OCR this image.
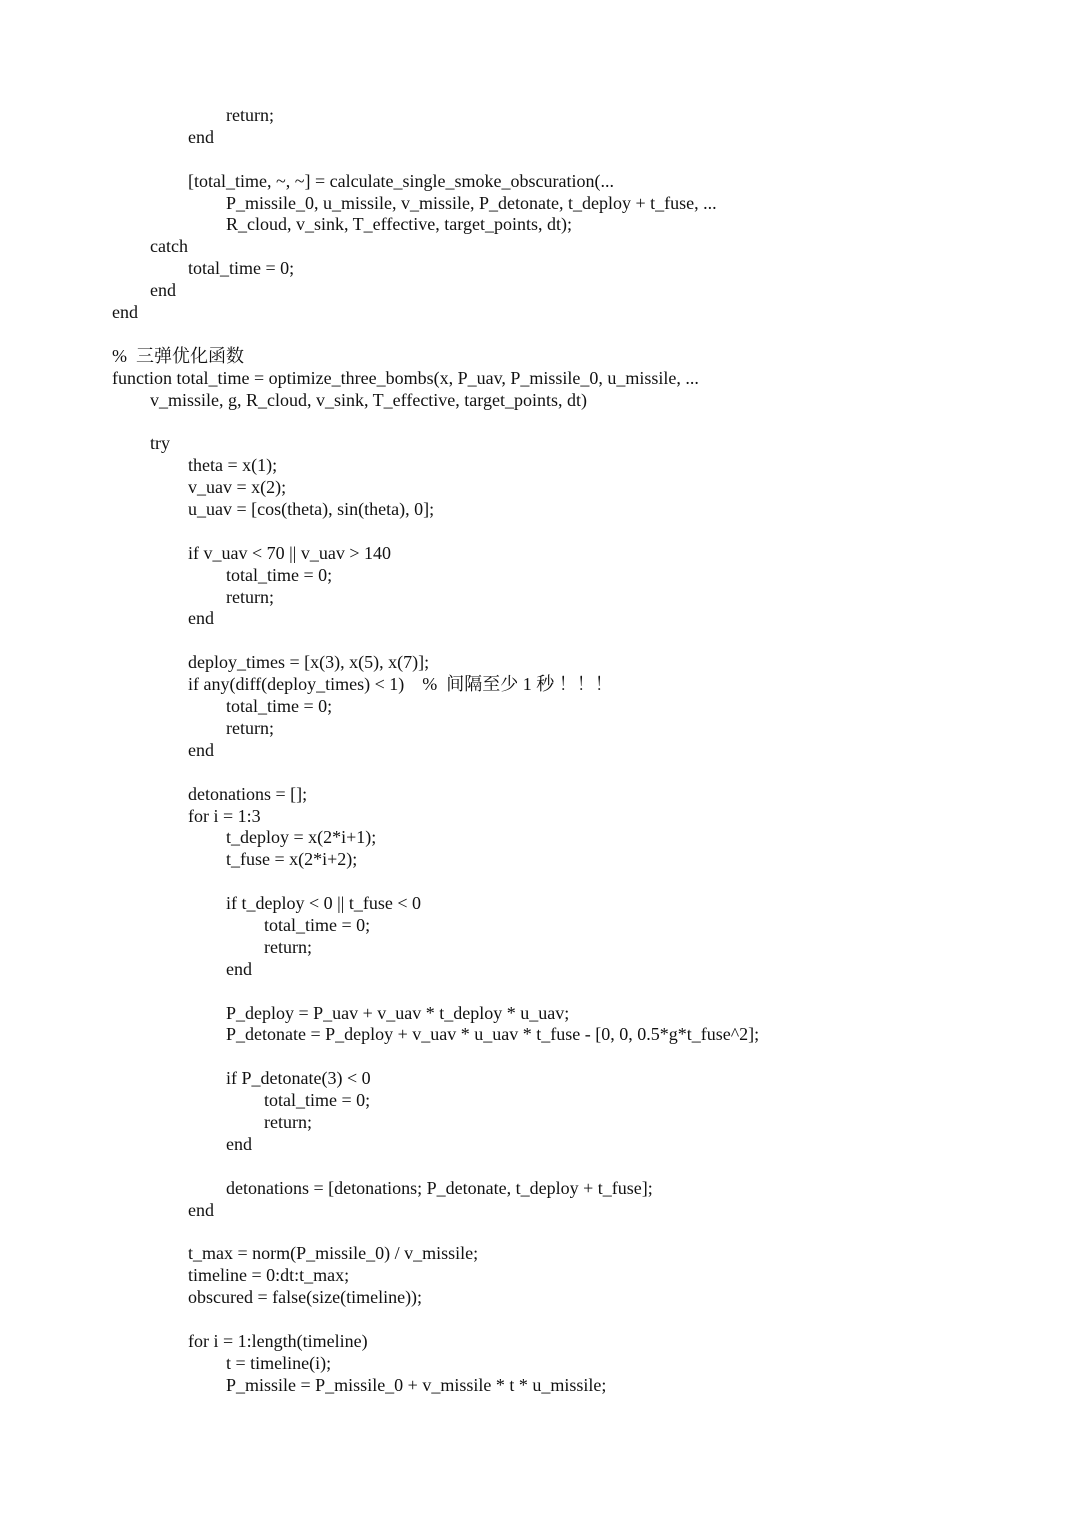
return;
end
[total_time, ~, ~] = calculate_single_smoke_obscuration(...
P_missile_0, u_missile, v_missile, P_detonate, t_deploy + t_fuse, ...
R_cloud, v_sink, T_effective, target_points, dt);
catch
total_time = 0;
end
end
%  三弹优化函数
function total_time = optimize_three_bombs(x, P_uav, P_missile_0, u_missile, ...
v_missile, g, R_cloud, v_sink, T_effective, target_points, dt)
try
theta = x(1);
v_uav = x(2);
u_uav = [cos(theta), sin(theta), 0];
if v_uav < 70 || v_uav > 140
total_time = 0;
return;
end
deploy_times = [x(3), x(5), x(7)];
if any(diff(deploy_times) < 1)    %  间隔至少 1 秒 ！！！
total_time = 0;
return;
end
detonations = [];
for i = 1:3
t_deploy = x(2*i+1);
t_fuse = x(2*i+2);
if t_deploy < 0 || t_fuse < 0
total_time = 0;
return;
end
P_deploy = P_uav + v_uav * t_deploy * u_uav;
P_detonate = P_deploy + v_uav * u_uav * t_fuse - [0, 0, 0.5*g*t_fuse^2];
if P_detonate(3) < 0
total_time = 0;
return;
end
detonations = [detonations; P_detonate, t_deploy + t_fuse];
end
t_max = norm(P_missile_0) / v_missile;
timeline = 0:dt:t_max;
obscured = false(size(timeline));
for i = 1:length(timeline)
t = timeline(i);
P_missile = P_missile_0 + v_missile * t * u_missile;
